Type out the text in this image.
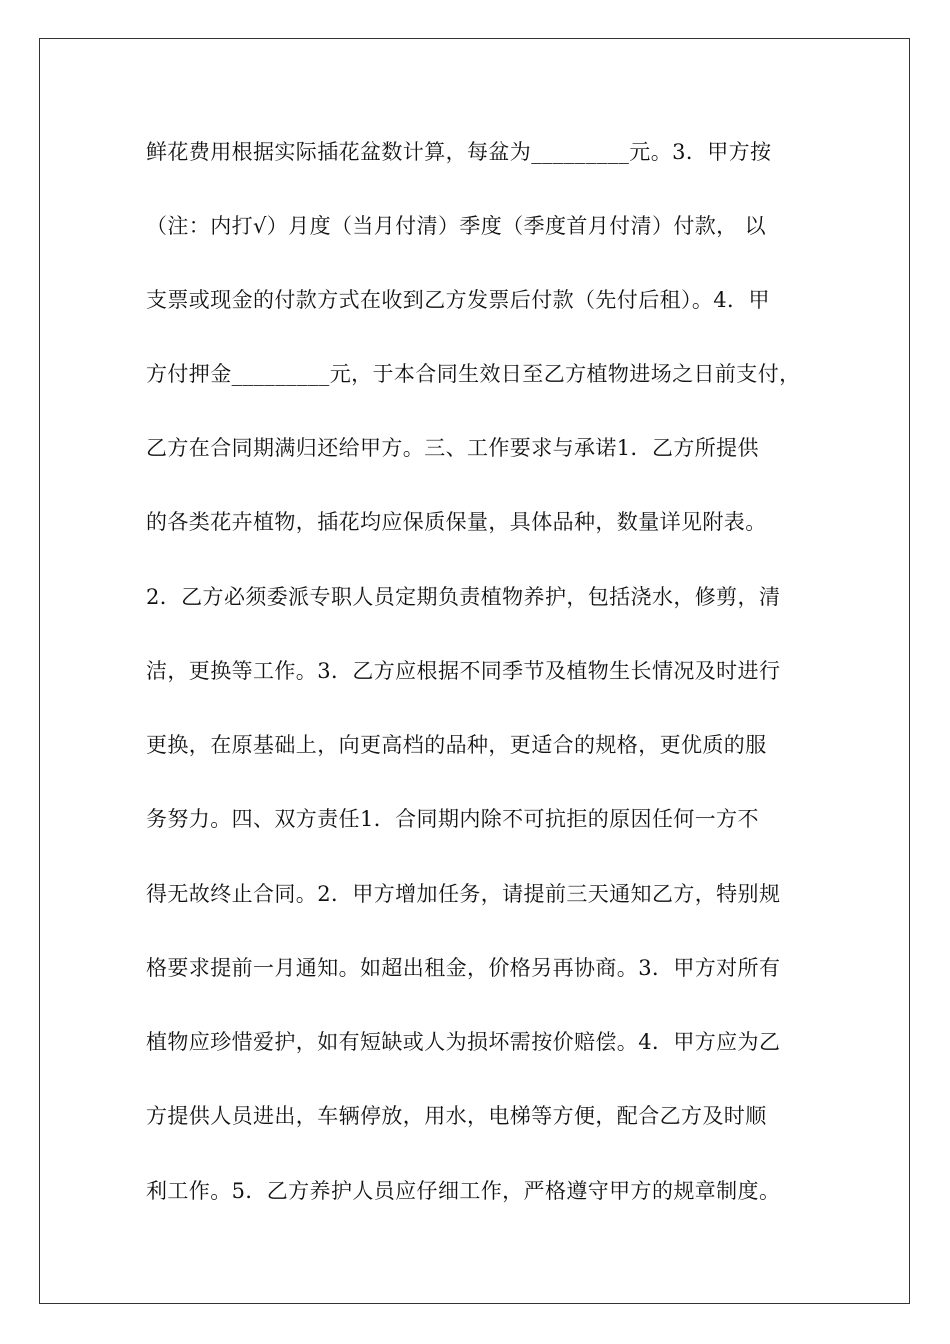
鲜花费用根据实际插花盆数计算，每盆为_________元。3．甲方按
（注：内打√）月度（当月付清）季度（季度首月付清）付款， 以
支票或现金的付款方式在收到乙方发票后付款（先付后租）。4．甲
方付押金_________元，于本合同生效日至乙方植物进场之日前支付，
乙方在合同期满归还给甲方。三、工作要求与承诺1．乙方所提供
的各类花卉植物，插花均应保质保量，具体品种，数量详见附表。
2．乙方必须委派专职人员定期负责植物养护，包括浇水，修剪，清
洁，更换等工作。3．乙方应根据不同季节及植物生长情况及时进行
更换，在原基础上，向更高档的品种，更适合的规格，更优质的服
务努力。四、双方责任1．合同期内除不可抗拒的原因任何一方不
得无故终止合同。2．甲方增加任务，请提前三天通知乙方，特别规
格要求提前一月通知。如超出租金，价格另再协商。3．甲方对所有
植物应珍惜爱护，如有短缺或人为损坏需按价赔偿。4．甲方应为乙
方提供人员进出，车辆停放，用水，电梯等方便，配合乙方及时顺
利工作。5．乙方养护人员应仔细工作，严格遵守甲方的规章制度。
